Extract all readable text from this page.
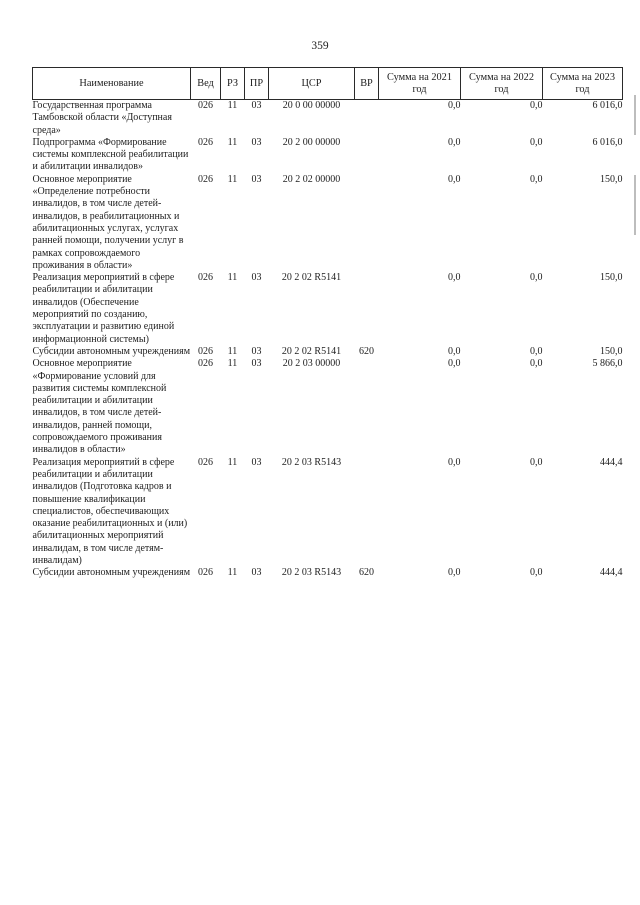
359
Наименование	Вед	РЗ	ПР	ЦСР	ВР	Сумма на 2021 год	Сумма на 2022 год	Сумма на 2023 год
Государственная программа Тамбовской области «Доступная среда»	026	11	03	20 0 00 00000		0,0	0,0	6 016,0
Подпрограмма «Формирование системы комплексной реабилитации и абилитации инвалидов»	026	11	03	20 2 00 00000		0,0	0,0	6 016,0
Основное мероприятие «Определение потребности инвалидов, в том числе детей-инвалидов, в реабилитационных и абилитационных услугах, услугах ранней помощи, получении услуг в рамках сопровождаемого проживания в области»	026	11	03	20 2 02 00000		0,0	0,0	150,0
Реализация мероприятий в сфере реабилитации и абилитации инвалидов (Обеспечение мероприятий по созданию, эксплуатации и развитию единой информационной системы)	026	11	03	20 2 02 R5141		0,0	0,0	150,0
Субсидии автономным учреждениям	026	11	03	20 2 02 R5141	620	0,0	0,0	150,0
Основное мероприятие «Формирование условий для развития системы комплексной реабилитации и абилитации инвалидов, в том числе детей-инвалидов, ранней помощи, сопровождаемого проживания инвалидов в области»	026	11	03	20 2 03 00000		0,0	0,0	5 866,0
Реализация мероприятий в сфере реабилитации и абилитации инвалидов (Подготовка кадров и повышение квалификации специалистов, обеспечивающих оказание реабилитационных и (или) абилитационных мероприятий инвалидам, в том числе детям-инвалидам)	026	11	03	20 2 03 R5143		0,0	0,0	444,4
Субсидии автономным учреждениям	026	11	03	20 2 03 R5143	620	0,0	0,0	444,4
